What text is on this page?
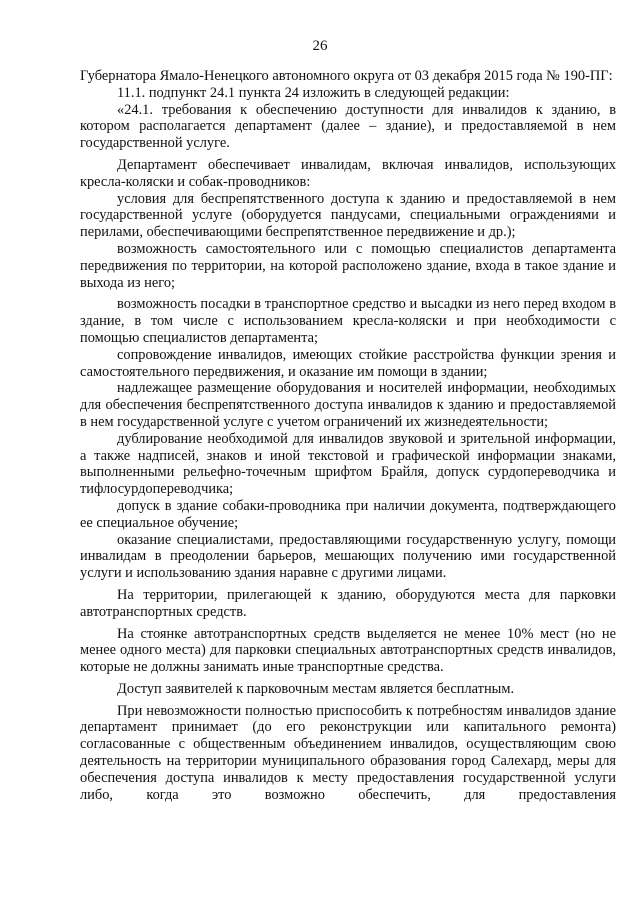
26

Губернатора Ямало-Ненецкого автономного округа от 03 декабря 2015 года № 190-ПГ:

11.1. подпункт 24.1 пункта 24 изложить в следующей редакции:

«24.1. требования к обеспечению доступности для инвалидов к зданию, в котором располагается департамент (далее – здание), и предоставляемой в нем государственной услуге.

Департамент обеспечивает инвалидам, включая инвалидов, использующих кресла-коляски и собак-проводников:

условия для беспрепятственного доступа к зданию и предоставляемой в нем государственной услуге (оборудуется пандусами, специальными ограждениями и перилами, обеспечивающими беспрепятственное передвижение и др.);

возможность самостоятельного или с помощью специалистов департамента передвижения по территории, на которой расположено здание, входа в такое здание и выхода из него;

возможность посадки в транспортное средство и высадки из него перед входом в здание, в том числе с использованием кресла-коляски и при необходимости с помощью специалистов департамента;

сопровождение инвалидов, имеющих стойкие расстройства функции зрения и самостоятельного передвижения, и оказание им помощи в здании;

надлежащее размещение оборудования и носителей информации, необходимых для обеспечения беспрепятственного доступа инвалидов к зданию и предоставляемой в нем государственной услуге с учетом ограничений их жизнедеятельности;

дублирование необходимой для инвалидов звуковой и зрительной информации, а также надписей, знаков и иной текстовой и графической информации знаками, выполненными рельефно-точечным шрифтом Брайля, допуск сурдопереводчика и тифлосурдопереводчика;

допуск в здание собаки-проводника при наличии документа, подтверждающего ее специальное обучение;

оказание специалистами, предоставляющими государственную услугу, помощи инвалидам в преодолении барьеров, мешающих получению ими государственной услуги и использованию здания наравне с другими лицами.

На территории, прилегающей к зданию, оборудуются места для парковки автотранспортных средств.

На стоянке автотранспортных средств выделяется не менее 10% мест (но не менее одного места) для парковки специальных автотранспортных средств инвалидов, которые не должны занимать иные транспортные средства.

Доступ заявителей к парковочным местам является бесплатным.

При невозможности полностью приспособить к потребностям инвалидов здание департамент принимает (до его реконструкции или капитального ремонта) согласованные с общественным объединением инвалидов, осуществляющим свою деятельность на территории муниципального образования город Салехард, меры для обеспечения доступа инвалидов к месту предоставления государственной услуги либо, когда это возможно обеспечить, для предоставления
